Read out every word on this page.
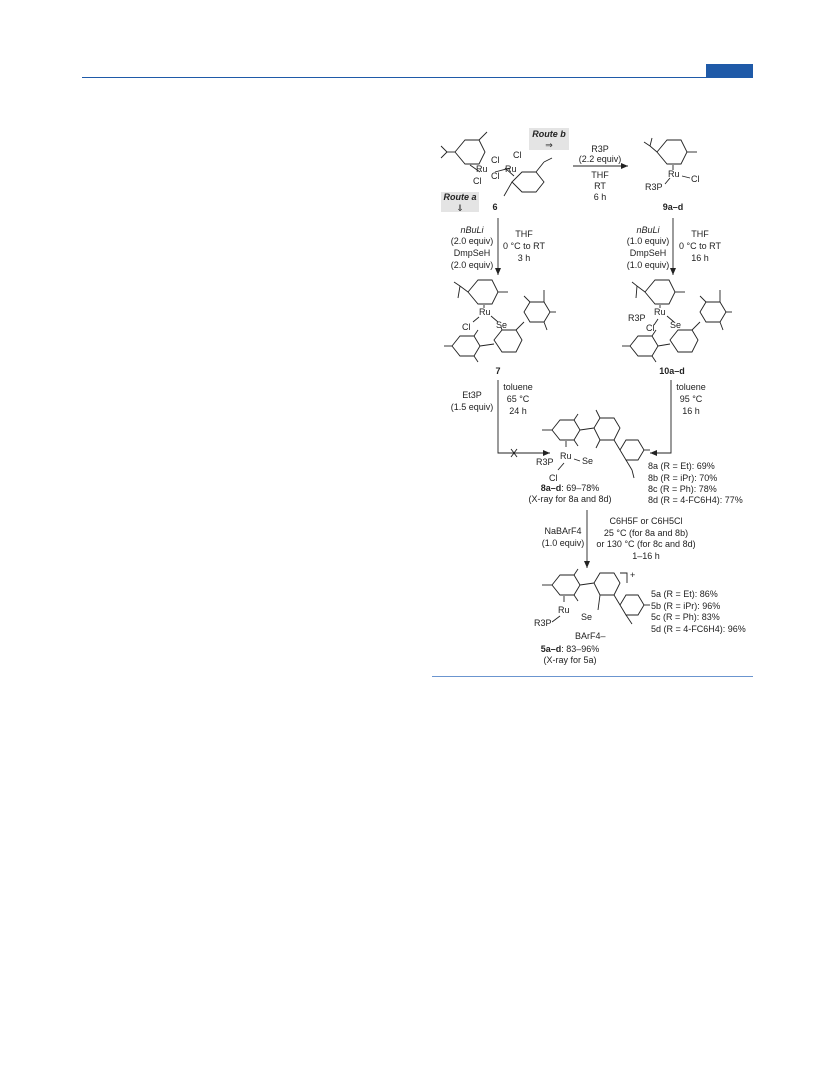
Ru Ru
Cl
Cl
Cl
Cl
6
Route a
⇓
Route b
⇒	R3P
(2.2 equiv)
THF
RT
6 h
Ru
R3P
Cl
9a–d
nBuLi
(2.0 equiv)
DmpSeH
(2.0 equiv)
THF
0 °C to RT
3 h
nBuLi
(1.0 equiv)
DmpSeH
(1.0 equiv)
THF
0 °C to RT
16 h
Ru
Se
Cl
7
Ru
R3P
Cl Se
10a–d
Et3P
(1.5 equiv)
toluene
65 °C
24 h
toluene
95 °C
16 h
Ru Se
R3P
Cl
8a–d: 69–78%
(X-ray for 8a and 8d)
8a (R = Et): 69%
8b (R = iPr): 70%
8c (R = Ph): 78%
8d (R = 4-FC6H4): 77%
NaBArF4
(1.0 equiv)
C6H5F or C6H5Cl
25 °C (for 8a and 8b)
or 130 °C (for 8c and 8d)
1–16 h
Ru
Se
R3P
+
BArF4–
5a–d: 83–96%
(X-ray for 5a)
5a (R = Et): 86%
5b (R = iPr): 96%
5c (R = Ph): 83%
5d (R = 4-FC6H4): 96%
